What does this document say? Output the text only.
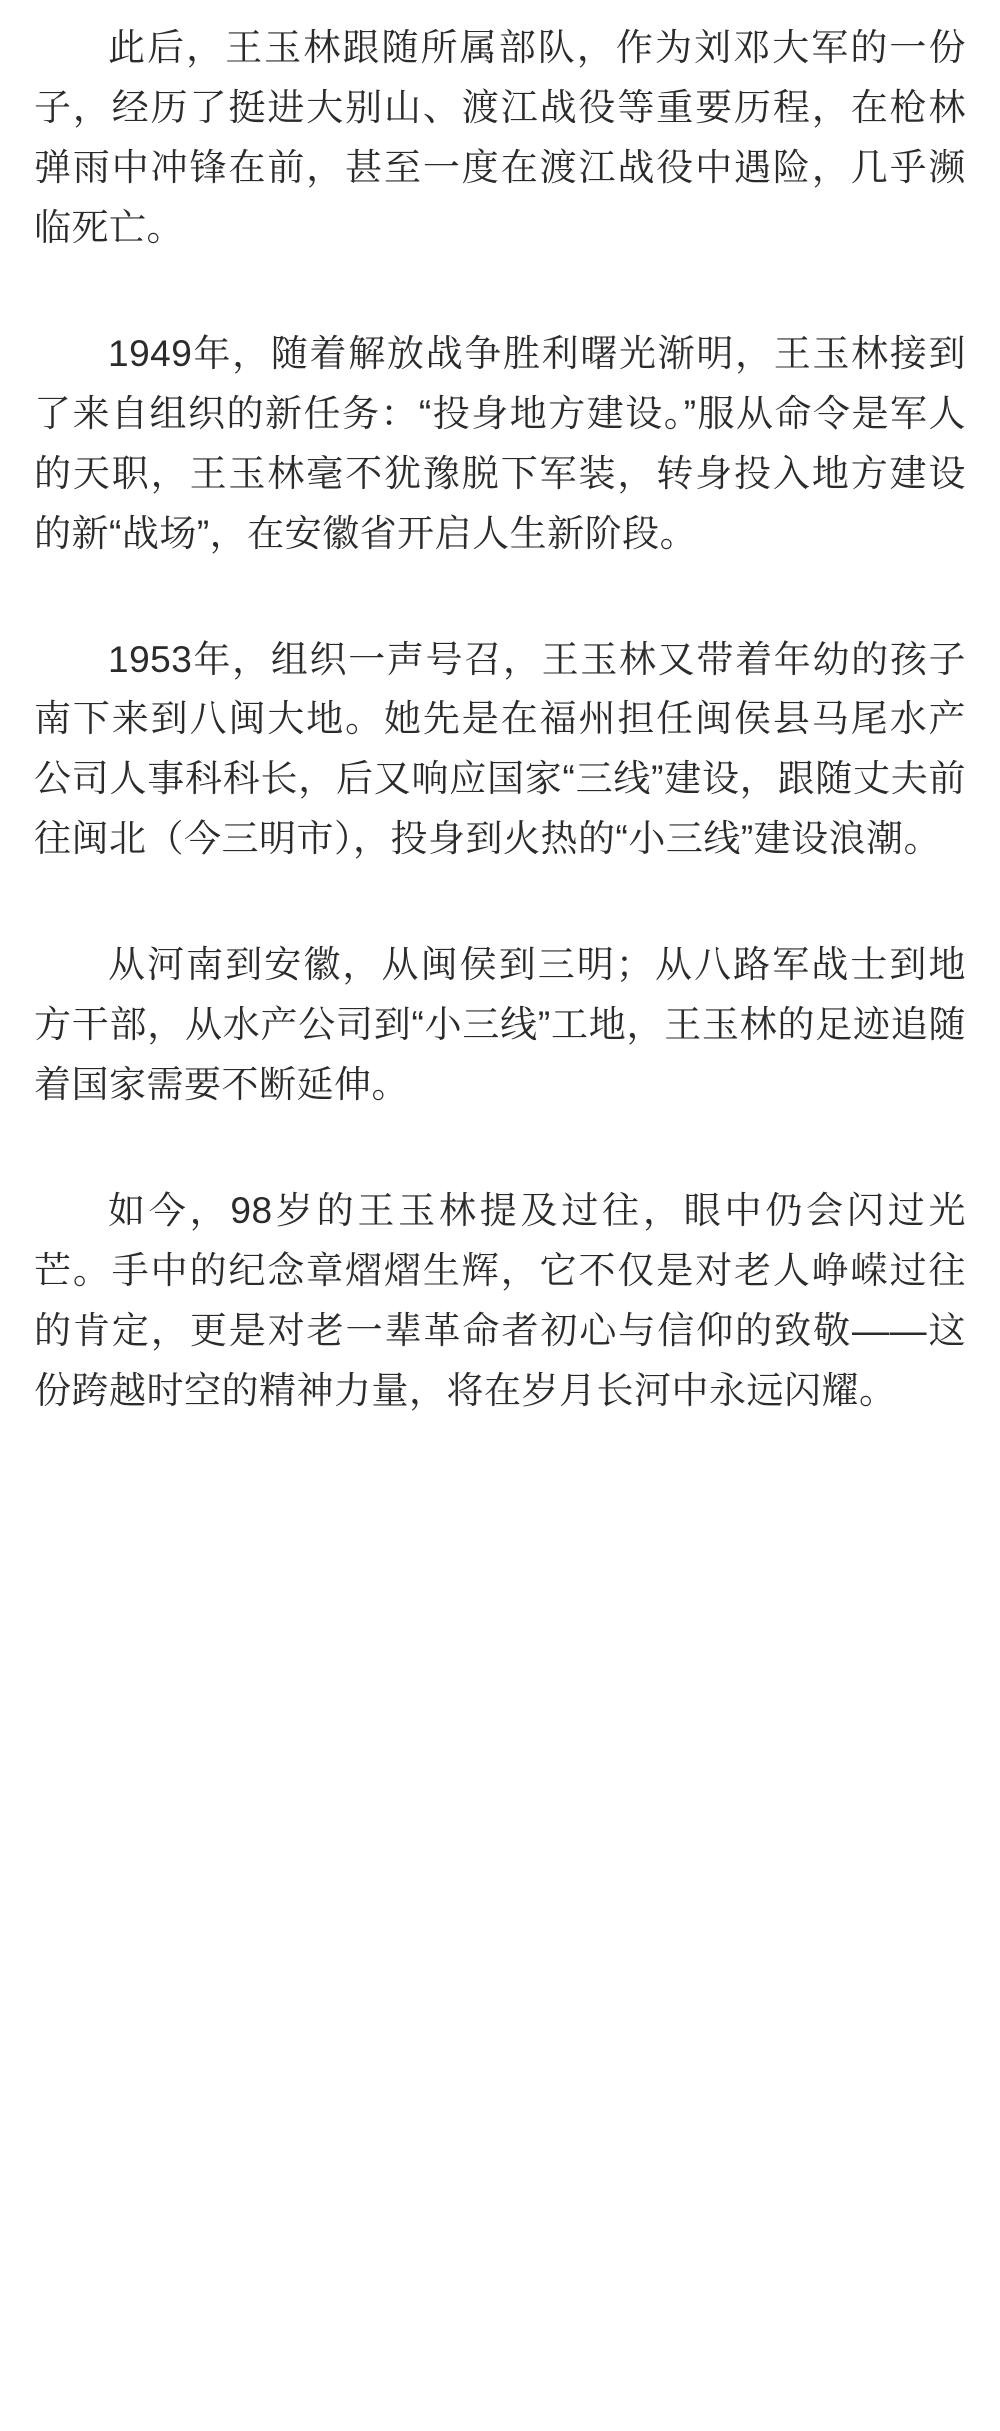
此后，王玉林跟随所属部队，作为刘邓大军的一份子，经历了挺进大别山、渡江战役等重要历程，在枪林弹雨中冲锋在前，甚至一度在渡江战役中遇险，几乎濒临死亡。

1949年，随着解放战争胜利曙光渐明，王玉林接到了来自组织的新任务：“投身地方建设。”服从命令是军人的天职，王玉林毫不犹豫脱下军装，转身投入地方建设的新“战场”，在安徽省开启人生新阶段。

1953年，组织一声号召，王玉林又带着年幼的孩子南下来到八闽大地。她先是在福州担任闽侯县马尾水产公司人事科科长，后又响应国家“三线”建设，跟随丈夫前往闽北（今三明市），投身到火热的“小三线”建设浪潮。

从河南到安徽，从闽侯到三明；从八路军战士到地方干部，从水产公司到“小三线”工地，王玉林的足迹追随着国家需要不断延伸。

如今，98岁的王玉林提及过往，眼中仍会闪过光芒。手中的纪念章熠熠生辉，它不仅是对老人峥嵘过往的肯定，更是对老一辈革命者初心与信仰的致敬——这份跨越时空的精神力量，将在岁月长河中永远闪耀。
